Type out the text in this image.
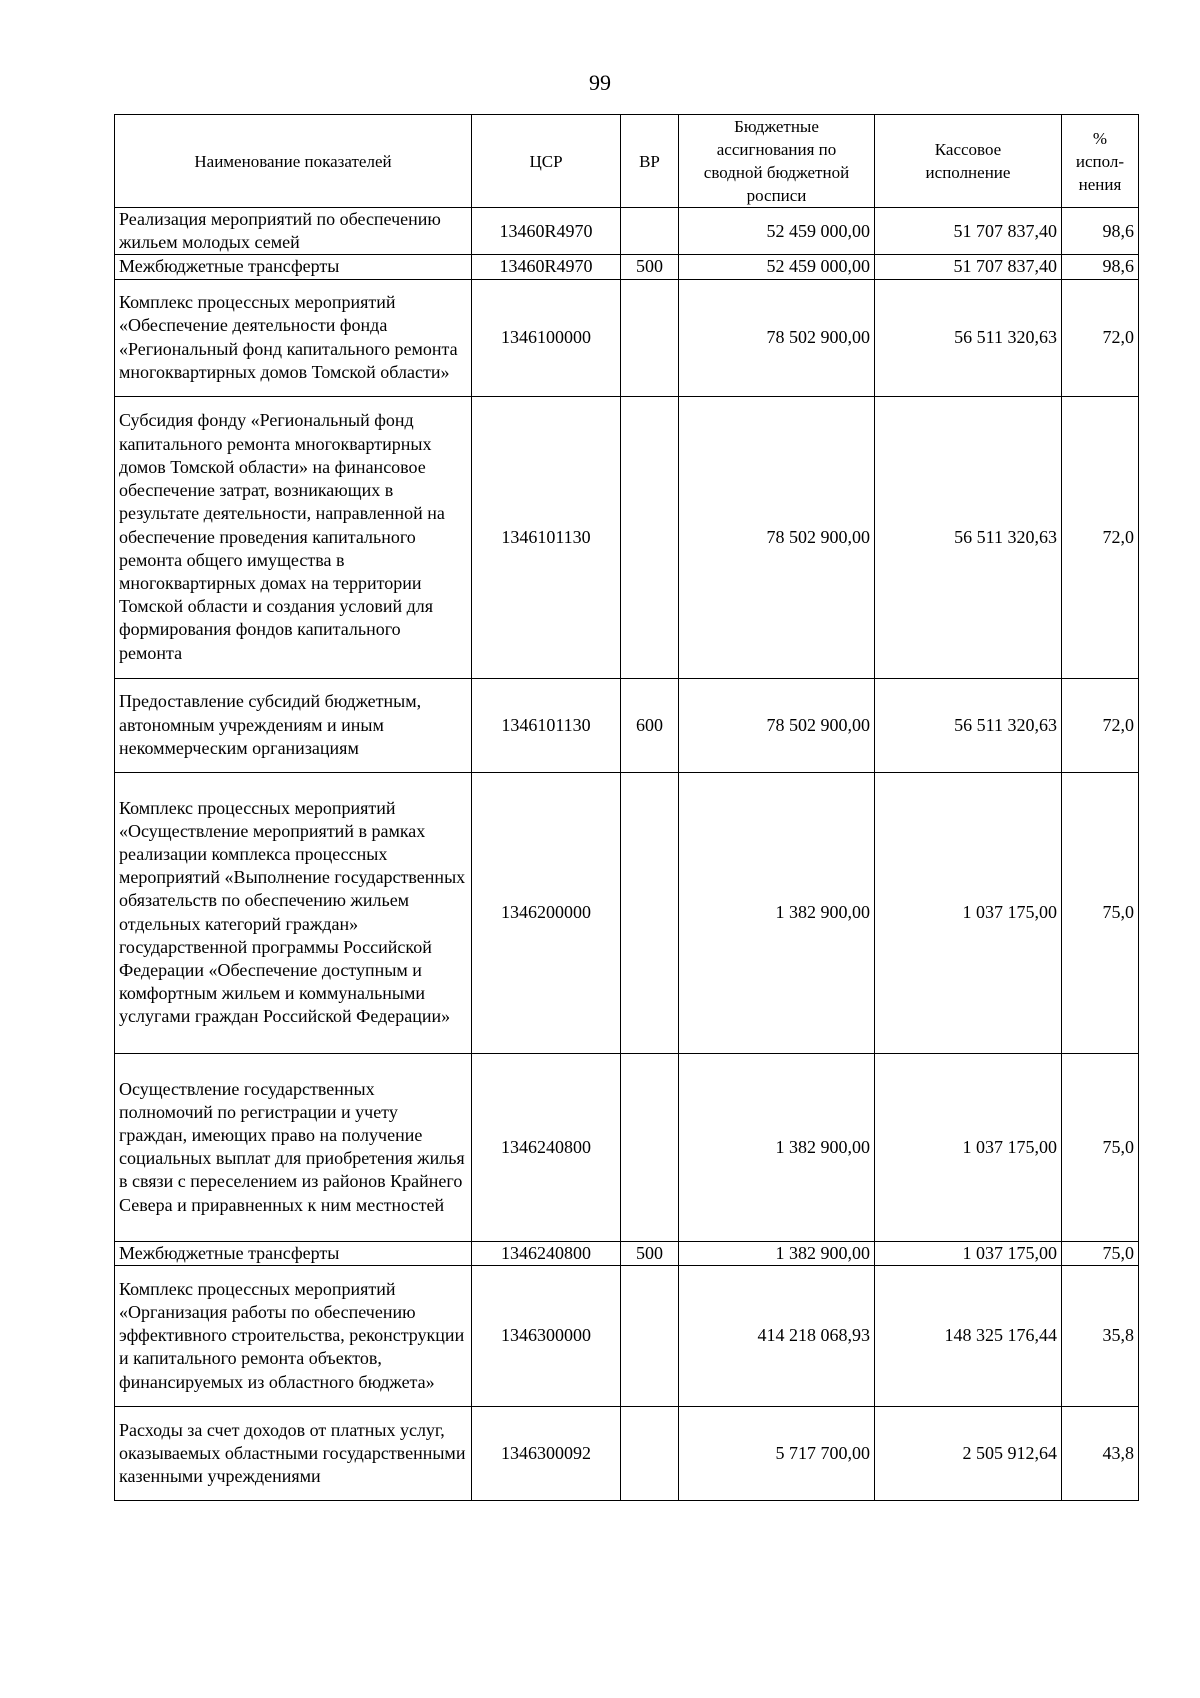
99
Наименование показателей	ЦСР	ВР	Бюджетные ассигнования по сводной бюджетной росписи	Кассовое исполнение	% испол-нения
Реализация мероприятий по обеспечению жильем молодых семей	13460R4970		52 459 000,00	51 707 837,40	98,6
Межбюджетные трансферты	13460R4970	500	52 459 000,00	51 707 837,40	98,6
Комплекс процессных мероприятий «Обеспечение деятельности фонда «Региональный фонд капитального ремонта многоквартирных домов Томской области»	1346100000		78 502 900,00	56 511 320,63	72,0
Субсидия фонду «Региональный фонд капитального ремонта многоквартирных домов Томской области» на финансовое обеспечение затрат, возникающих в результате деятельности, направленной на обеспечение проведения капитального ремонта общего имущества в многоквартирных домах на территории Томской области и создания условий для формирования фондов капитального ремонта	1346101130		78 502 900,00	56 511 320,63	72,0
Предоставление субсидий бюджетным, автономным учреждениям и иным некоммерческим организациям	1346101130	600	78 502 900,00	56 511 320,63	72,0
Комплекс процессных мероприятий «Осуществление мероприятий в рамках реализации комплекса процессных мероприятий «Выполнение государственных обязательств по обеспечению жильем отдельных категорий граждан» государственной программы Российской Федерации «Обеспечение доступным и комфортным жильем и коммунальными услугами граждан Российской Федерации»	1346200000		1 382 900,00	1 037 175,00	75,0
Осуществление государственных полномочий по регистрации и учету граждан, имеющих право на получение социальных выплат для приобретения жилья в связи с переселением из районов Крайнего Севера и приравненных к ним местностей	1346240800		1 382 900,00	1 037 175,00	75,0
Межбюджетные трансферты	1346240800	500	1 382 900,00	1 037 175,00	75,0
Комплекс процессных мероприятий «Организация работы по обеспечению эффективного строительства, реконструкции и капитального ремонта объектов, финансируемых из областного бюджета»	1346300000		414 218 068,93	148 325 176,44	35,8
Расходы за счет доходов от платных услуг, оказываемых областными государственными казенными учреждениями	1346300092		5 717 700,00	2 505 912,64	43,8
